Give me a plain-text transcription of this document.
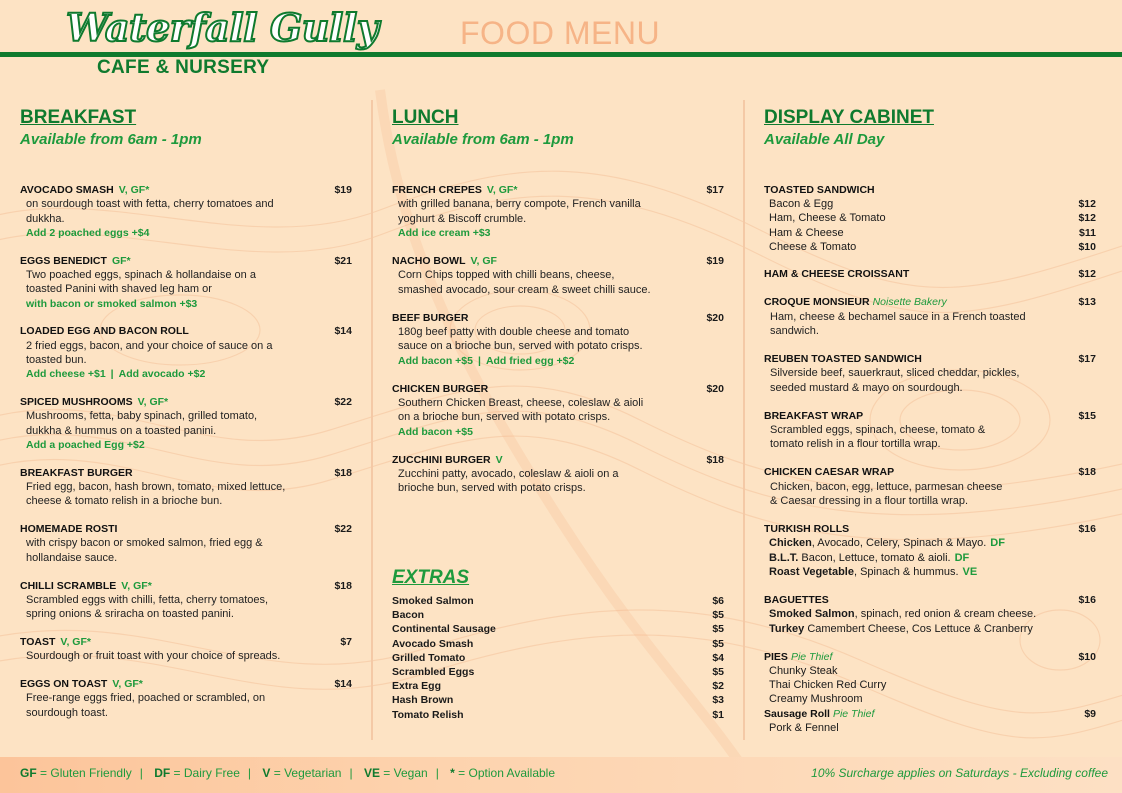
Waterfall Gully
CAFE & NURSERY
FOOD MENU
BREAKFAST
Available from 6am - 1pm
AVOCADO SMASH V, GF*	$19
on sourdough toast with fetta, cherry tomatoes and
dukkha.
Add 2 poached eggs +$4
EGGS BENEDICT GF*	$21
Two poached eggs, spinach & hollandaise on a
toasted Panini with shaved leg ham or
with bacon or smoked salmon +$3
LOADED EGG AND BACON ROLL	$14
2 fried eggs, bacon, and your choice of sauce on a
toasted bun.
Add cheese +$1 | Add avocado +$2
SPICED MUSHROOMS V, GF*	$22
Mushrooms, fetta, baby spinach, grilled tomato,
dukkha & hummus on a toasted panini.
Add a poached Egg +$2
BREAKFAST BURGER	$18
Fried egg, bacon, hash brown, tomato, mixed lettuce,
cheese & tomato relish in a brioche bun.
HOMEMADE ROSTI	$22
with crispy bacon or smoked salmon, fried egg &
hollandaise sauce.
CHILLI SCRAMBLE V, GF*	$18
Scrambled eggs with chilli, fetta, cherry tomatoes,
spring onions & sriracha on toasted panini.
TOAST V, GF*	$7
Sourdough or fruit toast with your choice of spreads.
EGGS ON TOAST V, GF*	$14
Free-range eggs fried, poached or scrambled, on
sourdough toast.
LUNCH
Available from 6am - 1pm
FRENCH CREPES V, GF*	$17
with grilled banana, berry compote, French vanilla
yoghurt & Biscoff crumble.
Add ice cream +$3
NACHO BOWL V, GF	$19
Corn Chips topped with chilli beans, cheese,
smashed avocado, sour cream & sweet chilli sauce.
BEEF BURGER	$20
180g beef patty with double cheese and tomato
sauce on a brioche bun, served with potato crisps.
Add bacon +$5 | Add fried egg +$2
CHICKEN BURGER	$20
Southern Chicken Breast, cheese, coleslaw & aioli
on a brioche bun, served with potato crisps.
Add bacon +$5
ZUCCHINI BURGER V	$18
Zucchini patty, avocado, coleslaw & aioli on a
brioche bun, served with potato crisps.
EXTRAS
Smoked Salmon	$6
Bacon	$5
Continental Sausage	$5
Avocado Smash	$5
Grilled Tomato	$4
Scrambled Eggs	$5
Extra Egg	$2
Hash Brown	$3
Tomato Relish	$1
DISPLAY CABINET
Available All Day
TOASTED SANDWICH
Bacon & Egg	$12
Ham, Cheese & Tomato	$12
Ham & Cheese	$11
Cheese & Tomato	$10
HAM & CHEESE CROISSANT	$12
CROQUE MONSIEUR Noisette Bakery	$13
Ham, cheese & bechamel sauce in a French toasted
sandwich.
REUBEN TOASTED SANDWICH	$17
Silverside beef, sauerkraut, sliced cheddar, pickles,
seeded mustard & mayo on sourdough.
BREAKFAST WRAP	$15
Scrambled eggs, spinach, cheese, tomato &
tomato relish in a flour tortilla wrap.
CHICKEN CAESAR WRAP	$18
Chicken, bacon, egg, lettuce, parmesan cheese
& Caesar dressing in a flour tortilla wrap.
TURKISH ROLLS	$16
Chicken, Avocado, Celery, Spinach & Mayo. DF
B.L.T. Bacon, Lettuce, tomato & aioli. DF
Roast Vegetable, Spinach & hummus. VE
BAGUETTES	$16
Smoked Salmon, spinach, red onion & cream cheese.
Turkey Camembert Cheese, Cos Lettuce & Cranberry
PIES Pie Thief	$10
Chunky Steak
Thai Chicken Red Curry
Creamy Mushroom
Sausage Roll Pie Thief	$9
Pork & Fennel
GF = Gluten Friendly | DF = Dairy Free | V = Vegetarian | VE = Vegan | * = Option Available	10% Surcharge applies on Saturdays - Excluding coffee
